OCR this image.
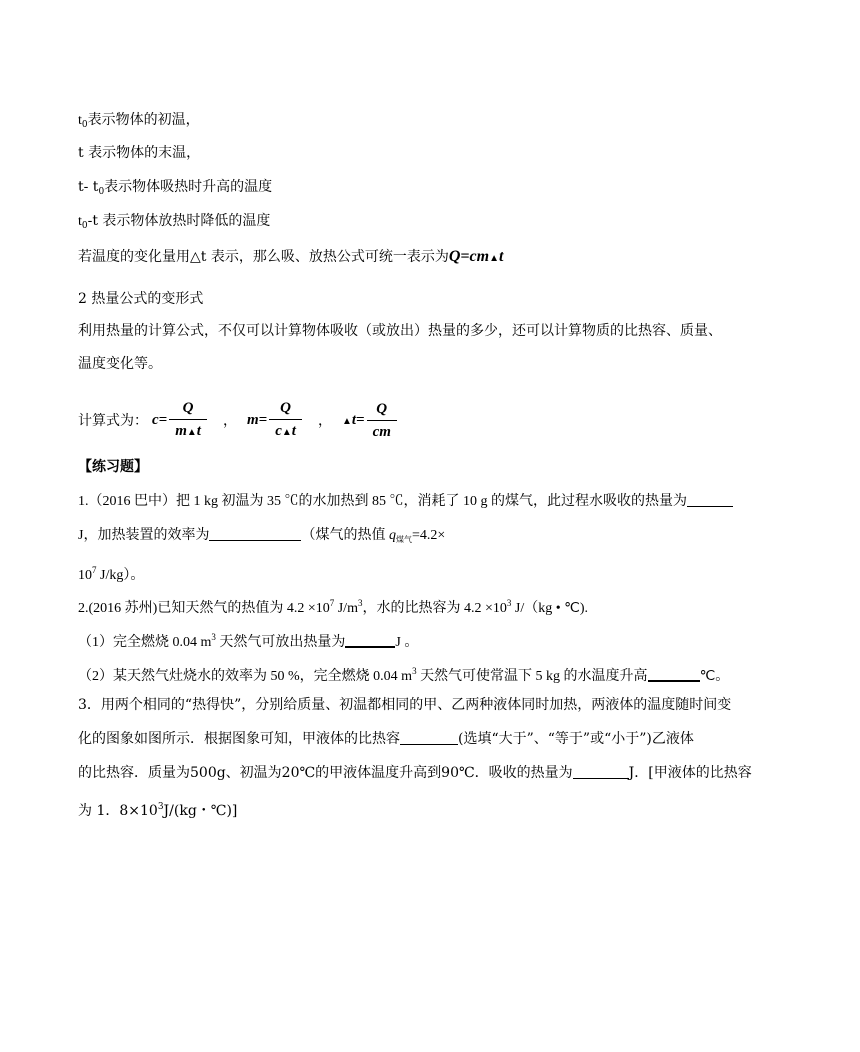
$t_0$表示物体的初温，
t 表示物体的末温，
t- $t_0$表示物体吸热时升高的温度
$t_0-t$ 表示物体放热时降低的温度
若温度的变化量用△t 表示，那么吸、放热公式可统一表示为Q=cm▲t
2 热量公式的变形式
利用热量的计算公式，不仅可以计算物体吸收（或放出）热量的多少，还可以计算物质的比热容、质量、
温度变化等。
计算式为： $c= \frac{Q}{m▲t}$ ， $m= \frac{Q}{c▲t}$ ， ▲t= $\frac{Q}{cm}$
【练习题】
1.（2016 巴中）把 1 kg 初温为 35 ℃的水加热到 85 ℃，消耗了 10 g 的煤气，此过程水吸收的热量为
J，加热装置的效率为	（煤气的热值 $q_{煤气}=4.2\times$
$10^7$ J/kg）。
2.(2016 苏州)已知天然气的热值为 $4.2 \times 10^7$ $J/m^3$，水的比热容为 $4.2 \times 10^3$ J/（kg • ℃).
（1）完全燃烧 0.04 $m^3$ 天然气可放出热量为	J 。
（2）某天然气灶烧水的效率为 50 %，完全燃烧 0.04 $m^3$ 天然气可使常温下 5 kg 的水温度升高	℃。
3．用两个相同的“热得快”，分别给质量、初温都相同的甲、乙两种液体同时加热，两液体的温度随时间变
化的图象如图所示．根据图象可知，甲液体的比热容	(选填“大于”、“等于”或“小于”)乙液体
的比热容．质量为500g、初温为20℃的甲液体温度升高到90℃．吸收的热量为	J．[甲液体的比热容
为 1．$8\times 10^3J/(kg$・℃)]
